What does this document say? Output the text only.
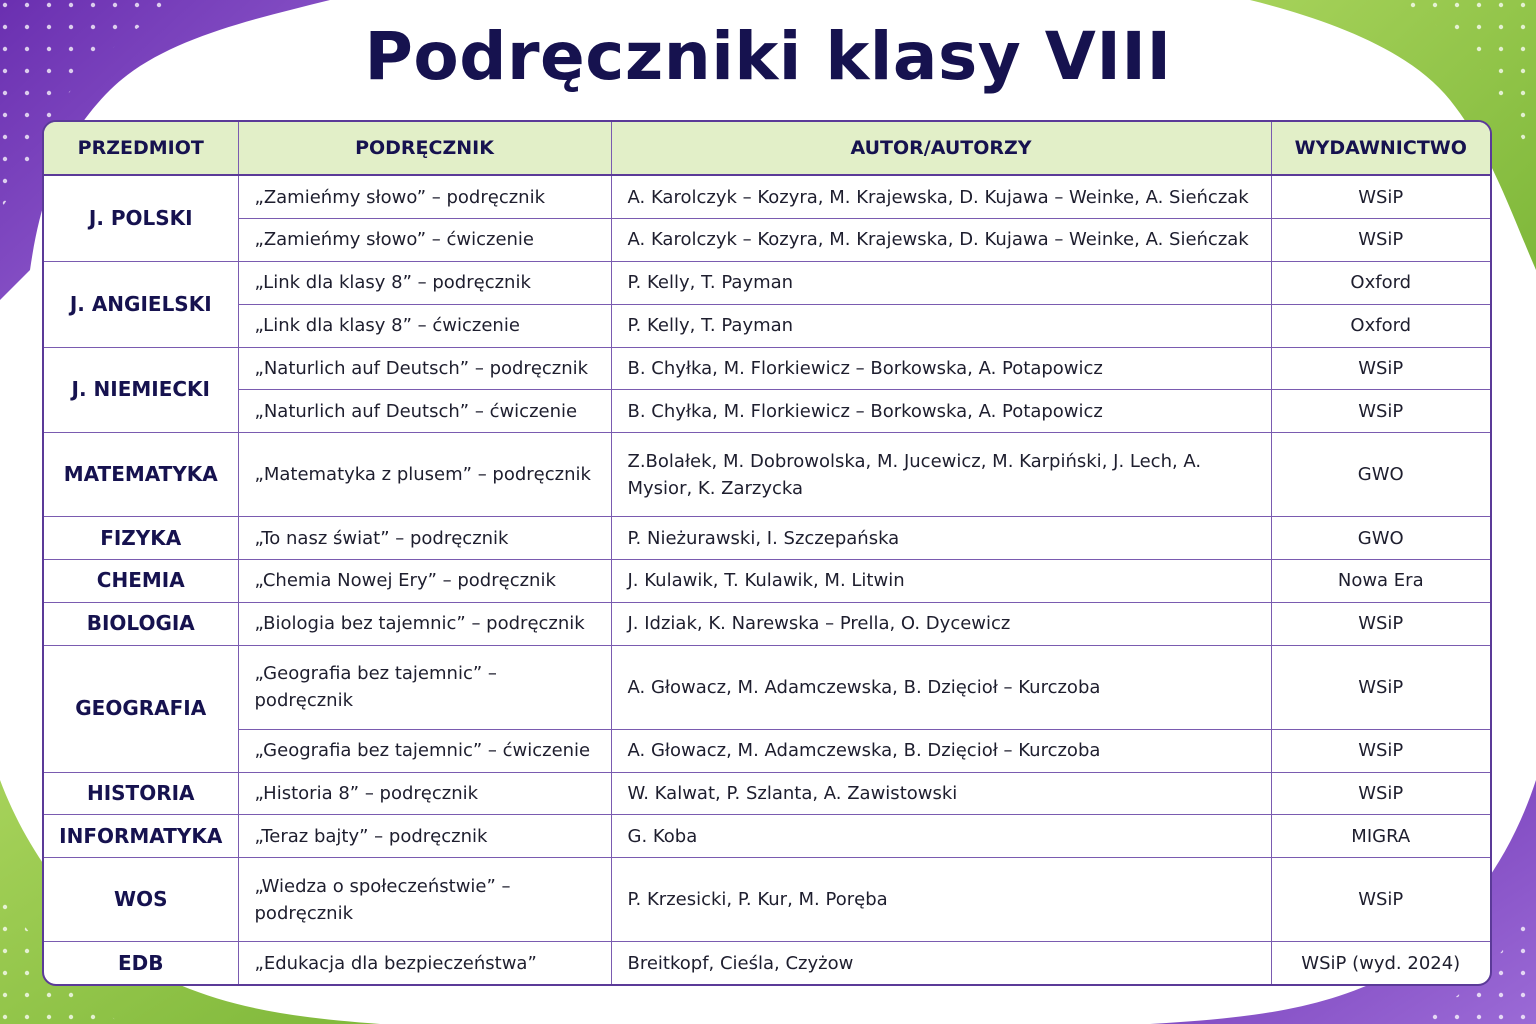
Podręczniki klasy VIII
PRZEDMIOT	PODRĘCZNIK	AUTOR/AUTORZY	WYDAWNICTWO
J. POLSKI	„Zamieńmy słowo” – podręcznik	A. Karolczyk – Kozyra, M. Krajewska, D. Kujawa – Weinke, A. Sieńczak	WSiP
	„Zamieńmy słowo” – ćwiczenie	A. Karolczyk – Kozyra, M. Krajewska, D. Kujawa – Weinke, A. Sieńczak	WSiP
J. ANGIELSKI	„Link dla klasy 8” – podręcznik	P. Kelly, T. Payman	Oxford
	„Link dla klasy 8” – ćwiczenie	P. Kelly, T. Payman	Oxford
J. NIEMIECKI	„Naturlich auf Deutsch” – podręcznik	B. Chyłka, M. Florkiewicz – Borkowska, A. Potapowicz	WSiP
	„Naturlich auf Deutsch” – ćwiczenie	B. Chyłka, M. Florkiewicz – Borkowska, A. Potapowicz	WSiP
MATEMATYKA	„Matematyka z plusem” – podręcznik	Z.Bolałek, M. Dobrowolska, M. Jucewicz, M. Karpiński, J. Lech, A. Mysior, K. Zarzycka	GWO
FIZYKA	„To nasz świat” – podręcznik	P. Nieżurawski, I. Szczepańska	GWO
CHEMIA	„Chemia Nowej Ery” – podręcznik	J. Kulawik, T. Kulawik, M. Litwin	Nowa Era
BIOLOGIA	„Biologia bez tajemnic” – podręcznik	J. Idziak, K. Narewska – Prella, O. Dycewicz	WSiP
GEOGRAFIA	„Geografia bez tajemnic” – podręcznik	A. Głowacz, M. Adamczewska, B. Dzięcioł – Kurczoba	WSiP
	„Geografia bez tajemnic” – ćwiczenie	A. Głowacz, M. Adamczewska, B. Dzięcioł – Kurczoba	WSiP
HISTORIA	„Historia 8” – podręcznik	W. Kalwat, P. Szlanta, A. Zawistowski	WSiP
INFORMATYKA	„Teraz bajty” – podręcznik	G. Koba	MIGRA
WOS	„Wiedza o społeczeństwie” – podręcznik	P. Krzesicki, P. Kur, M. Poręba	WSiP
EDB	„Edukacja dla bezpieczeństwa”	Breitkopf, Cieśla, Czyżow	WSiP (wyd. 2024)
